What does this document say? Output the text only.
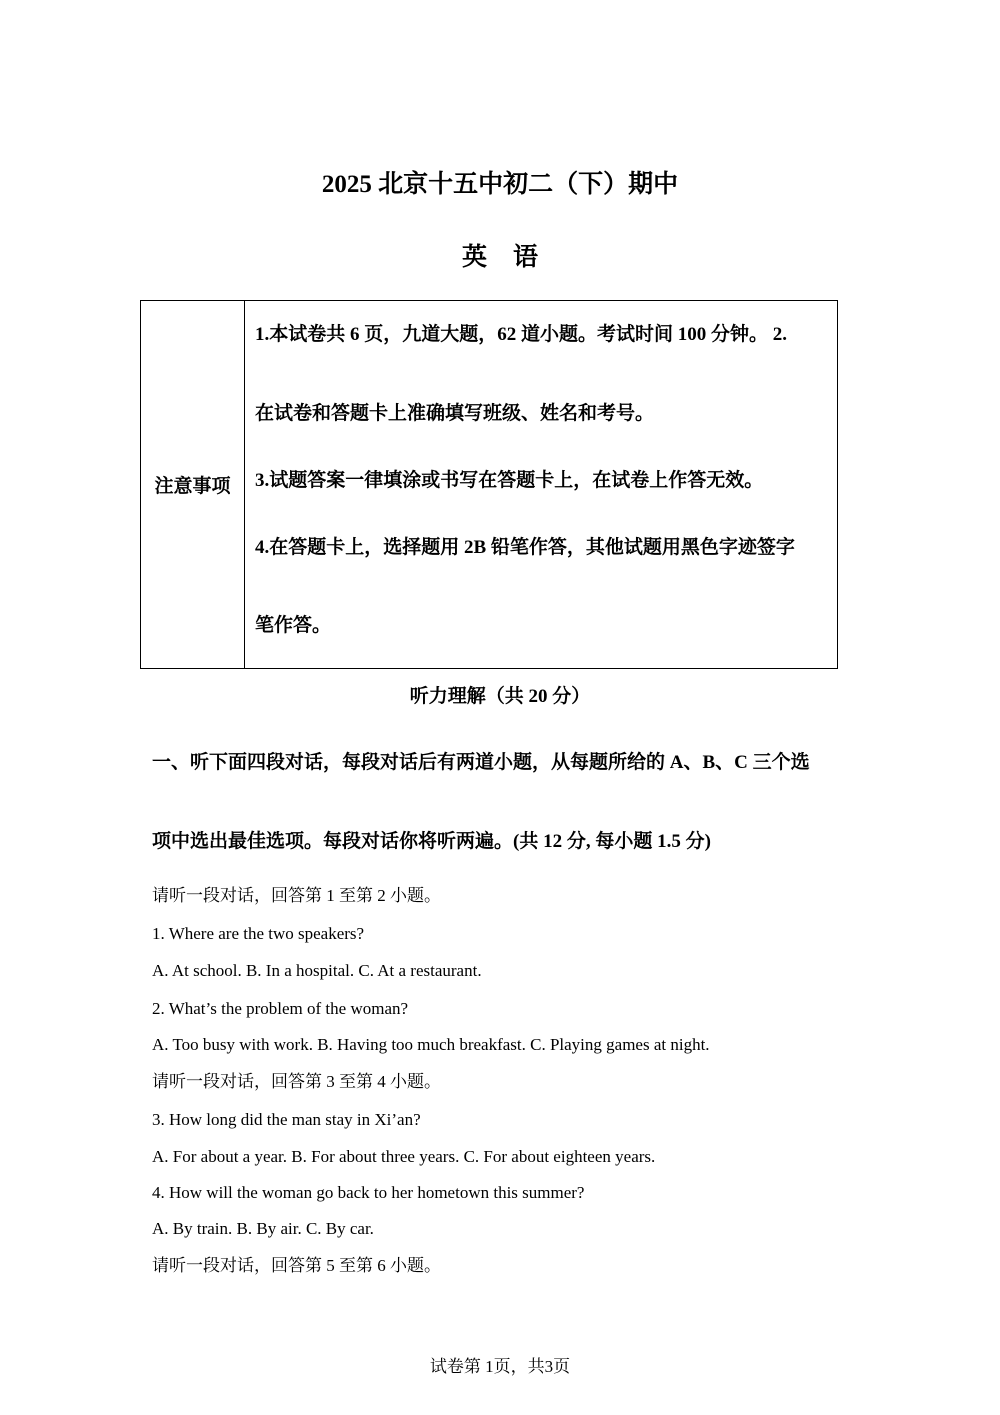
2025 北京十五中初二（下）期中
英语
注意事项
1.本试卷共 6 页，九道大题，62 道小题。考试时间 100 分钟。 2.
在试卷和答题卡上准确填写班级、姓名和考号。
3.试题答案一律填涂或书写在答题卡上，在试卷上作答无效。
4.在答题卡上，选择题用 2B 铅笔作答，其他试题用黑色字迹签字
笔作答。
听力理解（共 20 分）
一、听下面四段对话，每段对话后有两道小题，从每题所给的 A、B、C 三个选
项中选出最佳选项。每段对话你将听两遍。(共 12 分, 每小题 1.5 分)
请听一段对话，回答第 1 至第 2 小题。
1. Where are the two speakers?
A. At school. B. In a hospital. C. At a restaurant.
2. What’s the problem of the woman?
A. Too busy with work. B. Having too much breakfast. C. Playing games at night.
请听一段对话，回答第 3 至第 4 小题。
3. How long did the man stay in Xi’an?
A. For about a year. B. For about three years. C. For about eighteen years.
4. How will the woman go back to her hometown this summer?
A. By train. B. By air. C. By car.
请听一段对话，回答第 5 至第 6 小题。
试卷第 1页，共3页
